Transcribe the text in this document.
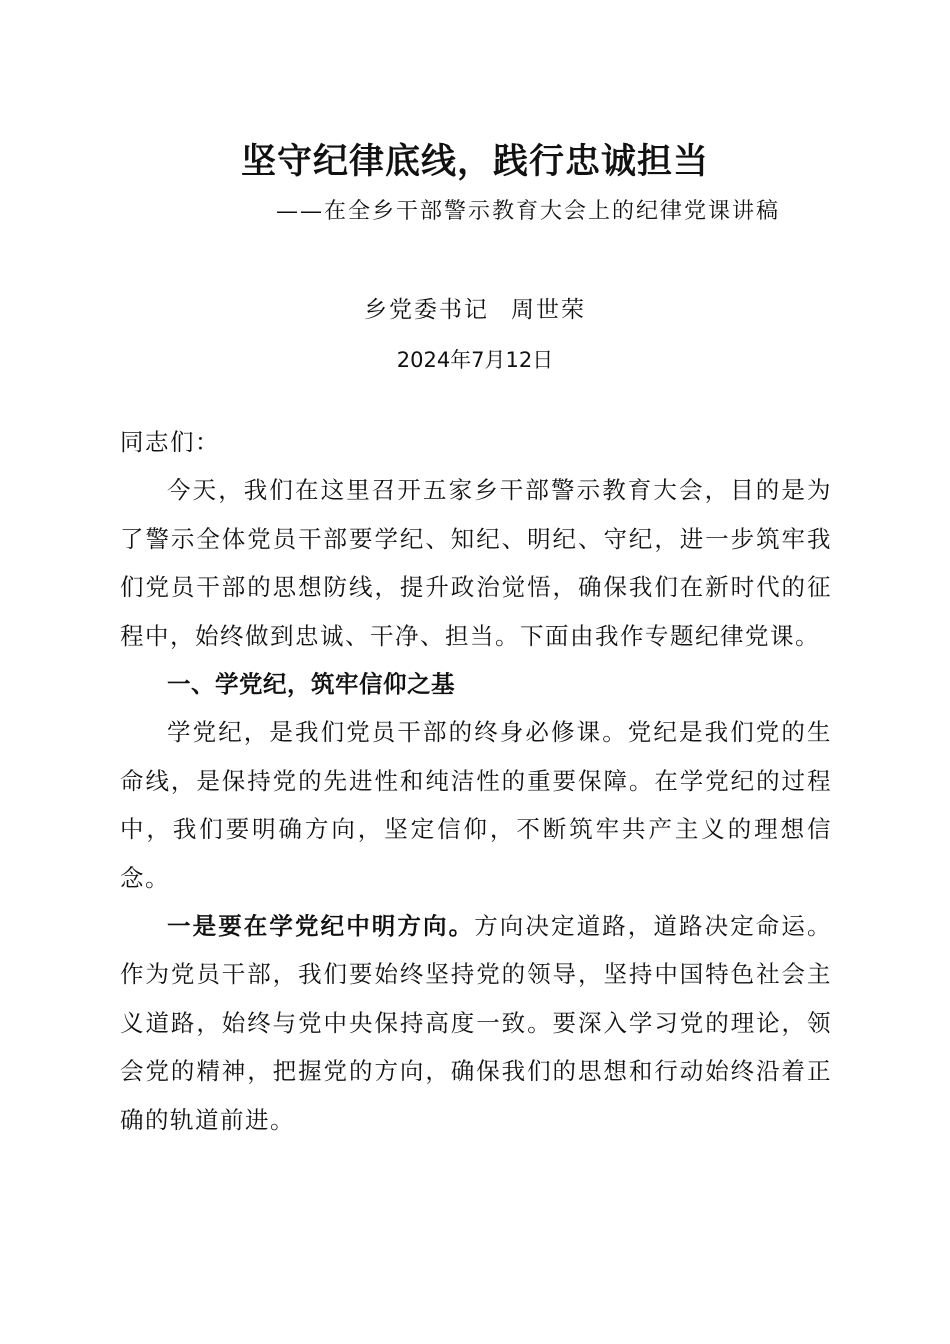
坚守纪律底线，践行忠诚担当
——在全乡干部警示教育大会上的纪律党课讲稿
乡党委书记 周世荣
2024年7月12日

同志们：

今天，我们在这里召开五家乡干部警示教育大会，目的是为了警示全体党员干部要学纪、知纪、明纪、守纪，进一步筑牢我们党员干部的思想防线，提升政治觉悟，确保我们在新时代的征程中，始终做到忠诚、干净、担当。下面由我作专题纪律党课。

一、学党纪，筑牢信仰之基

学党纪，是我们党员干部的终身必修课。党纪是我们党的生命线，是保持党的先进性和纯洁性的重要保障。在学党纪的过程中，我们要明确方向，坚定信仰，不断筑牢共产主义的理想信念。

一是要在学党纪中明方向。方向决定道路，道路决定命运。作为党员干部，我们要始终坚持党的领导，坚持中国特色社会主义道路，始终与党中央保持高度一致。要深入学习党的理论，领会党的精神，把握党的方向，确保我们的思想和行动始终沿着正确的轨道前进。
